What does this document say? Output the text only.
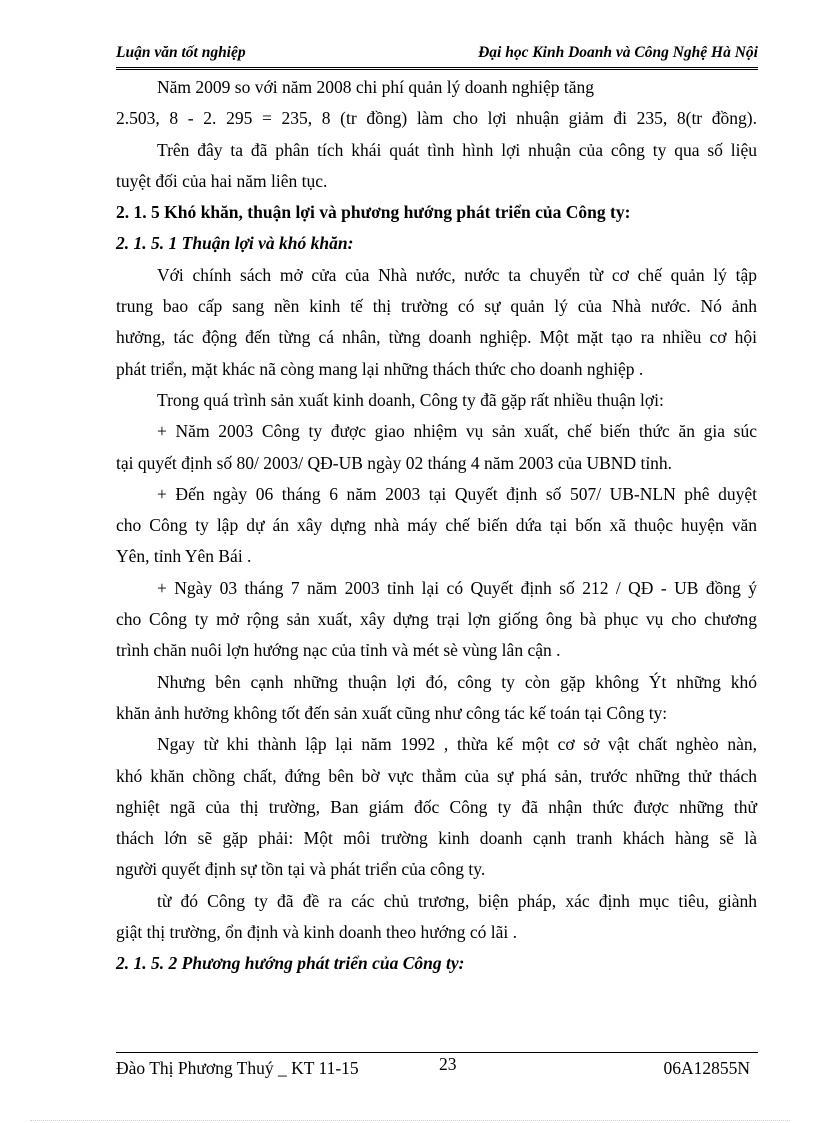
Luận văn tốt nghiệp	Đại học Kinh Doanh và Công Nghệ Hà Nội
Năm 2009 so với năm 2008 chi phí quản lý doanh nghiệp tăng
2.503, 8 - 2. 295 = 235, 8 (tr đồng) làm cho lợi nhuận giảm đi 235, 8(tr đồng).
Trên đây ta đã phân tích khái quát tình hình lợi nhuận của công ty qua số liệu
tuyệt đối của hai năm liên tục.
2. 1. 5 Khó khăn, thuận lợi và phương hướng phát triển của Công ty:
2. 1. 5. 1 Thuận lợi và khó khăn:
Với chính sách mở cửa của Nhà nước, nước ta chuyển từ cơ chế quản lý tập
trung bao cấp sang nền kinh tế thị trường có sự quản lý của Nhà nước. Nó ảnh
hưởng, tác động đến từng cá nhân, từng doanh nghiệp. Một mặt tạo ra nhiều cơ hội
phát triển, mặt khác nã còng mang lại những thách thức cho doanh nghiệp .
Trong quá trình sản xuất kinh doanh, Công ty đã gặp rất nhiều thuận lợi:
+ Năm 2003 Công ty được giao nhiệm vụ sản xuất, chế biến thức ăn gia súc
tại quyết định số 80/ 2003/ QĐ-UB ngày 02 tháng 4 năm 2003 của UBND tỉnh.
+ Đến ngày 06 tháng 6 năm 2003 tại Quyết định số 507/ UB-NLN phê duyệt
cho Công ty lập dự án xây dựng nhà máy chế biến dứa tại bốn xã thuộc huyện văn
Yên, tỉnh Yên Bái .
+ Ngày 03 tháng 7 năm 2003 tỉnh lại có Quyết định số 212 / QĐ - UB đồng ý
cho Công ty mở rộng sản xuất, xây dựng trại lợn giống ông bà phục vụ cho chương
trình chăn nuôi lợn hướng nạc của tỉnh và mét sè vùng lân cận .
Nhưng bên cạnh những thuận lợi đó, công ty còn gặp không Ýt những khó
khăn ảnh hưởng không tốt đến sản xuất cũng như công tác kế toán tại Công ty:
Ngay từ khi thành lập lại năm 1992 , thừa kế một cơ sở vật chất nghèo nàn,
khó khăn chồng chất, đứng bên bờ vực thẳm của sự phá sản, trước những thử thách
nghiệt ngã của thị trường, Ban giám đốc Công ty đã nhận thức được những thử
thách lớn sẽ gặp phải: Một môi trường kinh doanh cạnh tranh khách hàng sẽ là
người quyết định sự tồn tại và phát triển của công ty.
từ đó Công ty đã đề ra các chủ trương, biện pháp, xác định mục tiêu, giành
giật thị trường, ổn định và kinh doanh theo hướng có lãi .
2. 1. 5. 2 Phương hướng phát triển của Công ty:
Đào Thị Phương Thuý _ KT 11-15	23	06A12855N
